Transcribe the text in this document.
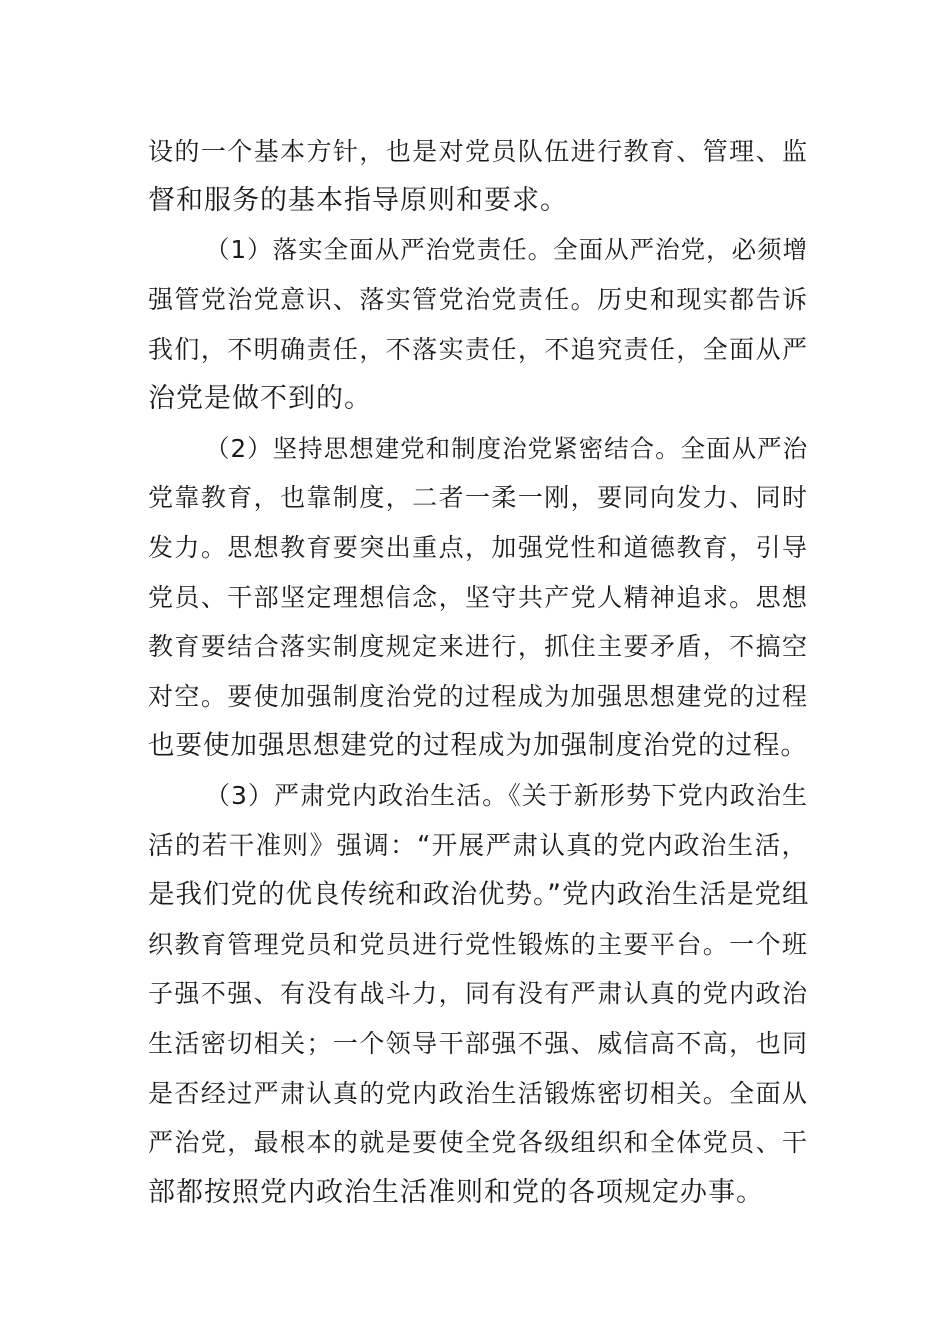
设的一个基本方针，也是对党员队伍进行教育、管理、监
督和服务的基本指导原则和要求。
（1）落实全面从严治党责任。全面从严治党，必须增
强管党治党意识、落实管党治党责任。历史和现实都告诉
我们，不明确责任，不落实责任，不追究责任，全面从严
治党是做不到的。
（2）坚持思想建党和制度治党紧密结合。全面从严治
党靠教育，也靠制度，二者一柔一刚，要同向发力、同时
发力。思想教育要突出重点，加强党性和道德教育，引导
党员、干部坚定理想信念，坚守共产党人精神追求。思想
教育要结合落实制度规定来进行，抓住主要矛盾，不搞空
对空。要使加强制度治党的过程成为加强思想建党的过程
也要使加强思想建党的过程成为加强制度治党的过程。
（3）严肃党内政治生活。《关于新形势下党内政治生
活的若干准则》强调：“开展严肃认真的党内政治生活，
是我们党的优良传统和政治优势。”党内政治生活是党组
织教育管理党员和党员进行党性锻炼的主要平台。一个班
子强不强、有没有战斗力，同有没有严肃认真的党内政治
生活密切相关；一个领导干部强不强、威信高不高，也同
是否经过严肃认真的党内政治生活锻炼密切相关。全面从
严治党，最根本的就是要使全党各级组织和全体党员、干
部都按照党内政治生活准则和党的各项规定办事。
